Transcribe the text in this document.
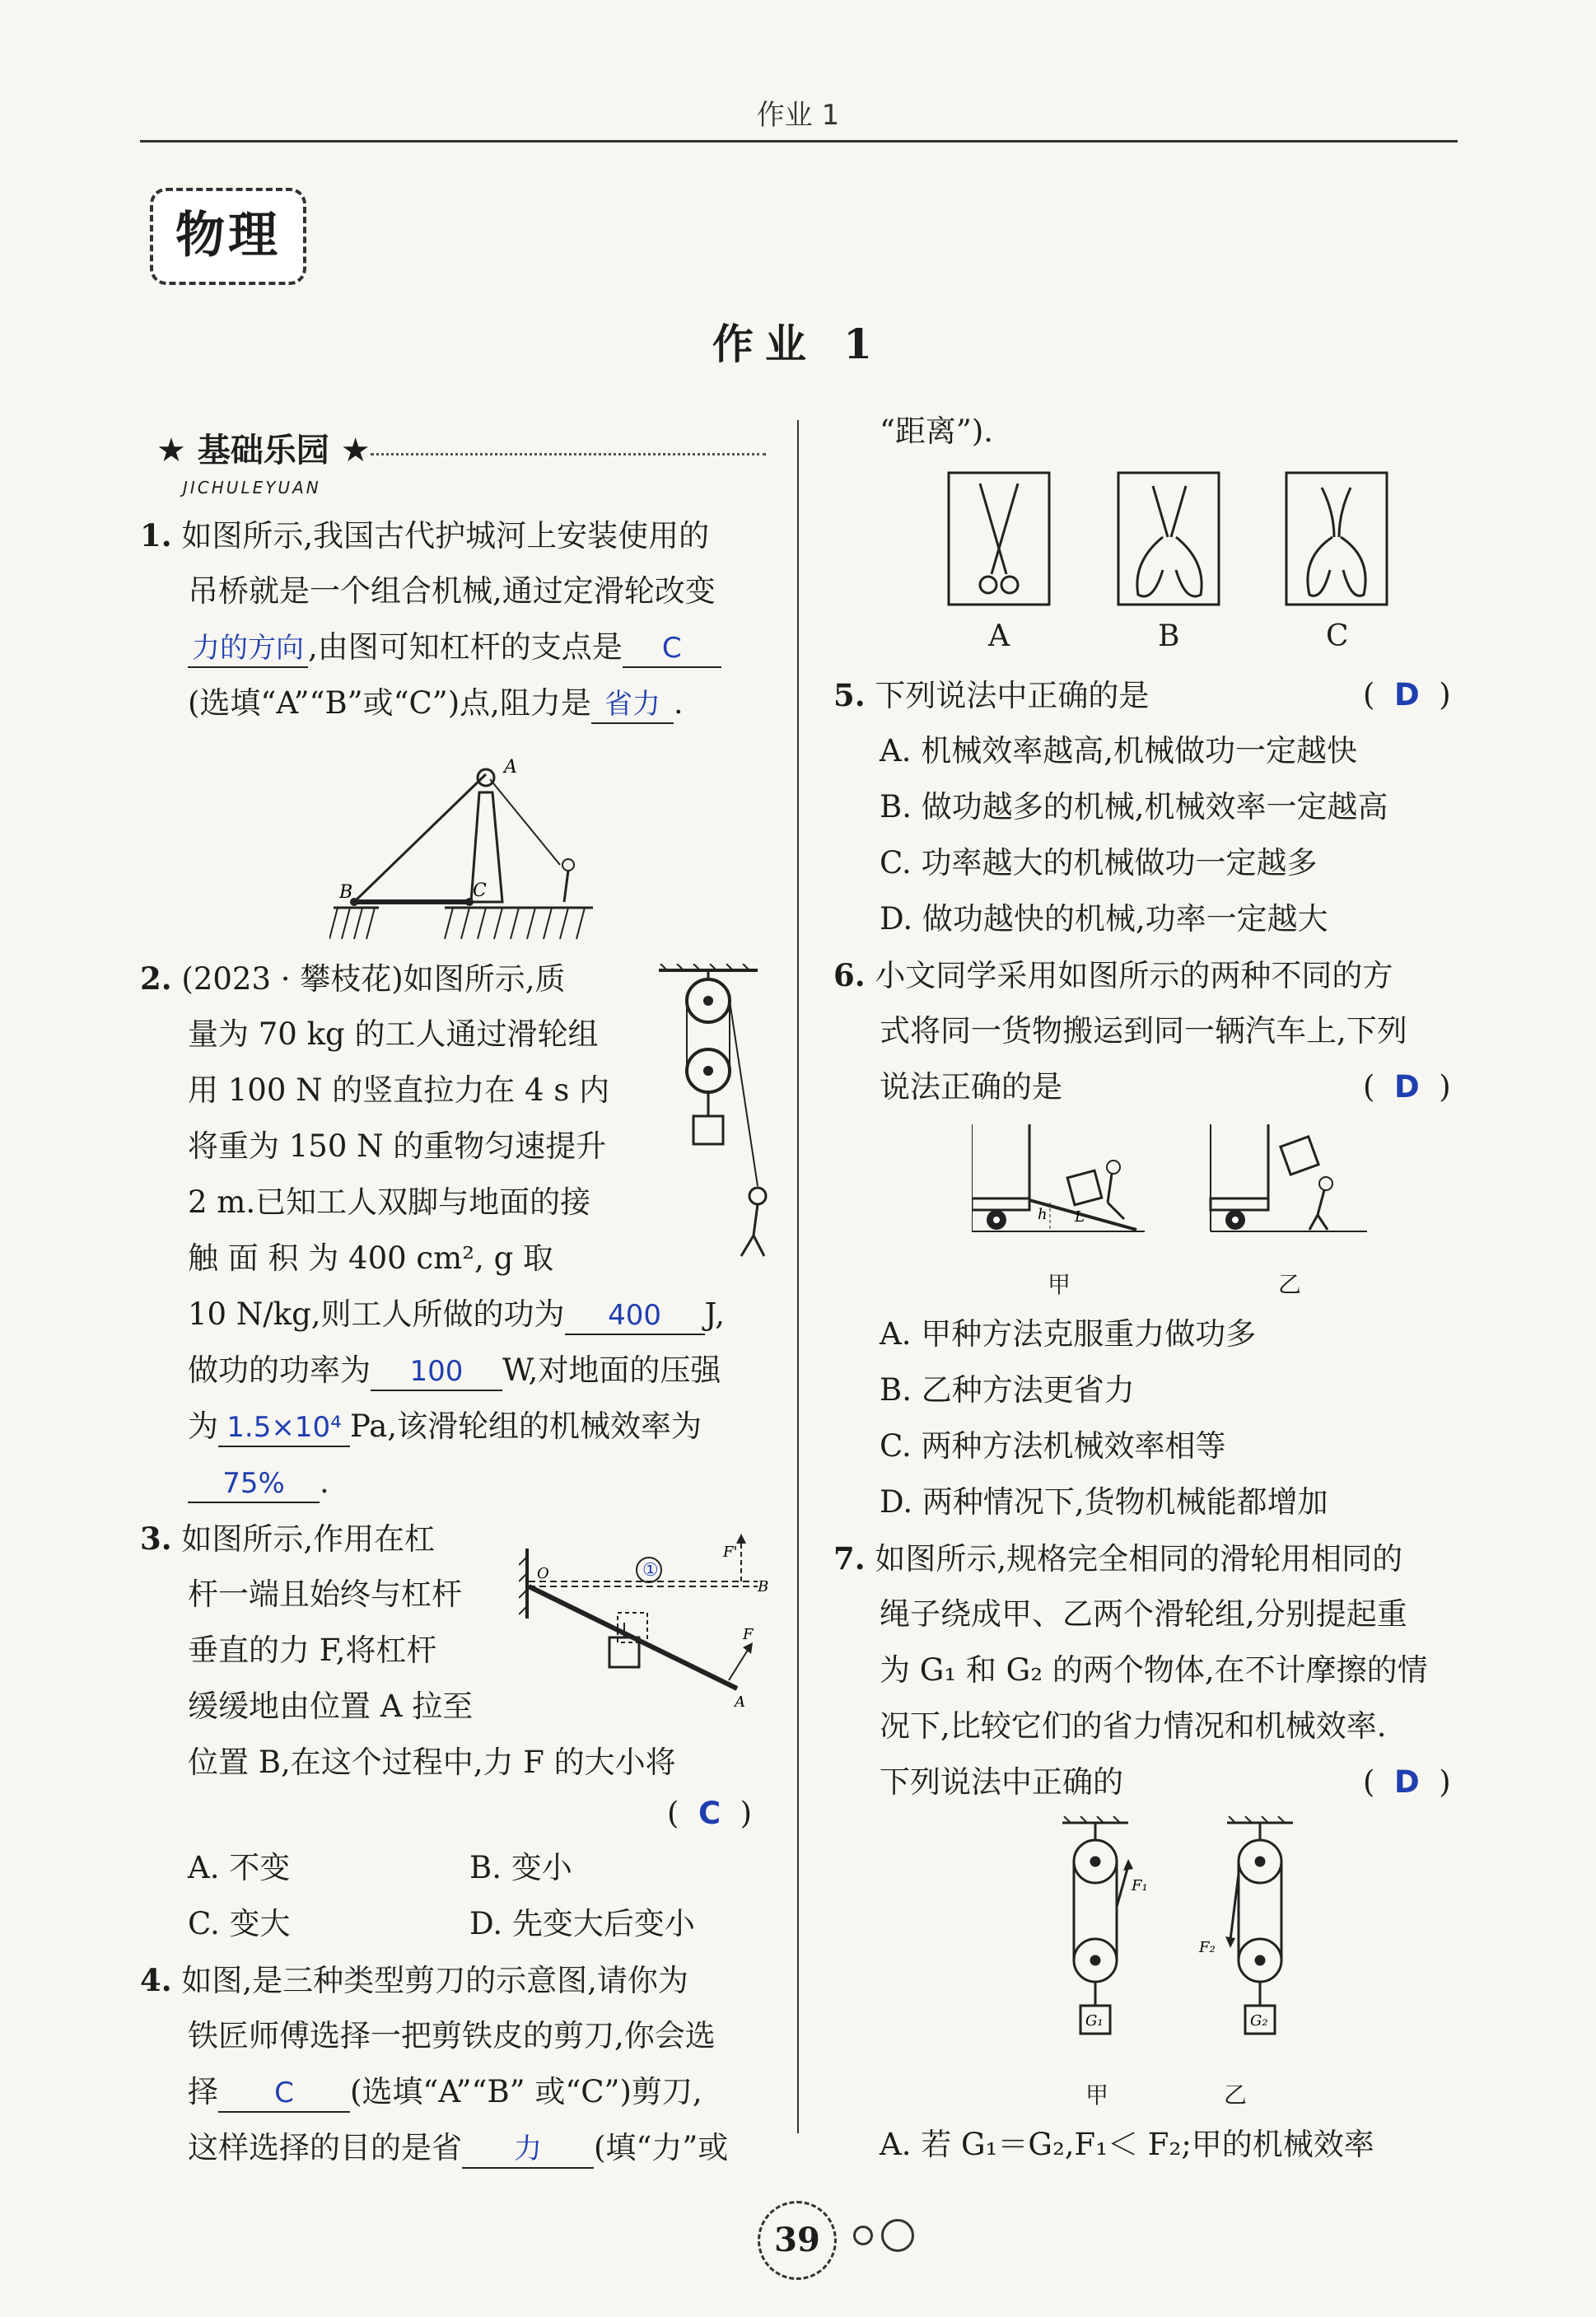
作业 1
物理
作业 1
★ 基础乐园 ★
JICHULEYUAN
1. 如图所示,我国古代护城河上安装使用的
吊桥就是一个组合机械,通过定滑轮改变
力的方向 ,由图可知杠杆的支点是 C
(选填“A”“B”或“C”)点,阻力是 省力 .
A
B	C
2. (2023 · 攀枝花)如图所示,质
量为 70 kg 的工人通过滑轮组
用 100 N 的竖直拉力在 4 s 内
将重为 150 N 的重物匀速提升
2 m.已知工人双脚与地面的接
触 面 积 为 400 cm², g 取
10 N/kg,则工人所做的功为 400 J,
做功的功率为 100 W,对地面的压强
为 1.5×10⁴ Pa,该滑轮组的机械效率为
75% .
3. 如图所示,作用在杠
杆一端且始终与杠杆
垂直的力 F,将杠杆
缓缓地由位置 A 拉至
位置 B,在这个过程中,力 F 的大小将
( C )
A. 不变	B. 变小
C. 变大	D. 先变大后变小
O	①
F'
B
F
A
4. 如图,是三种类型剪刀的示意图,请你为
铁匠师傅选择一把剪铁皮的剪刀,你会选
择 C (选填“A”“B” 或“C”)剪刀,
这样选择的目的是省 力 (填“力”或
“距离”).
A	B	C
5. 下列说法中正确的是	( D )
A. 机械效率越高,机械做功一定越快
B. 做功越多的机械,机械效率一定越高
C. 功率越大的机械做功一定越多
D. 做功越快的机械,功率一定越大
6. 小文同学采用如图所示的两种不同的方
式将同一货物搬运到同一辆汽车上,下列
说法正确的是	( D )
h L
甲	乙
A. 甲种方法克服重力做功多
B. 乙种方法更省力
C. 两种方法机械效率相等
D. 两种情况下,货物机械能都增加
7. 如图所示,规格完全相同的滑轮用相同的
绳子绕成甲、乙两个滑轮组,分别提起重
为 G₁ 和 G₂ 的两个物体,在不计摩擦的情
况下,比较它们的省力情况和机械效率.
下列说法中正确的	( D )
F₁
F₂
G₁	G₂
甲	乙
A. 若 G₁＝G₂,F₁＜ F₂;甲的机械效率
39
